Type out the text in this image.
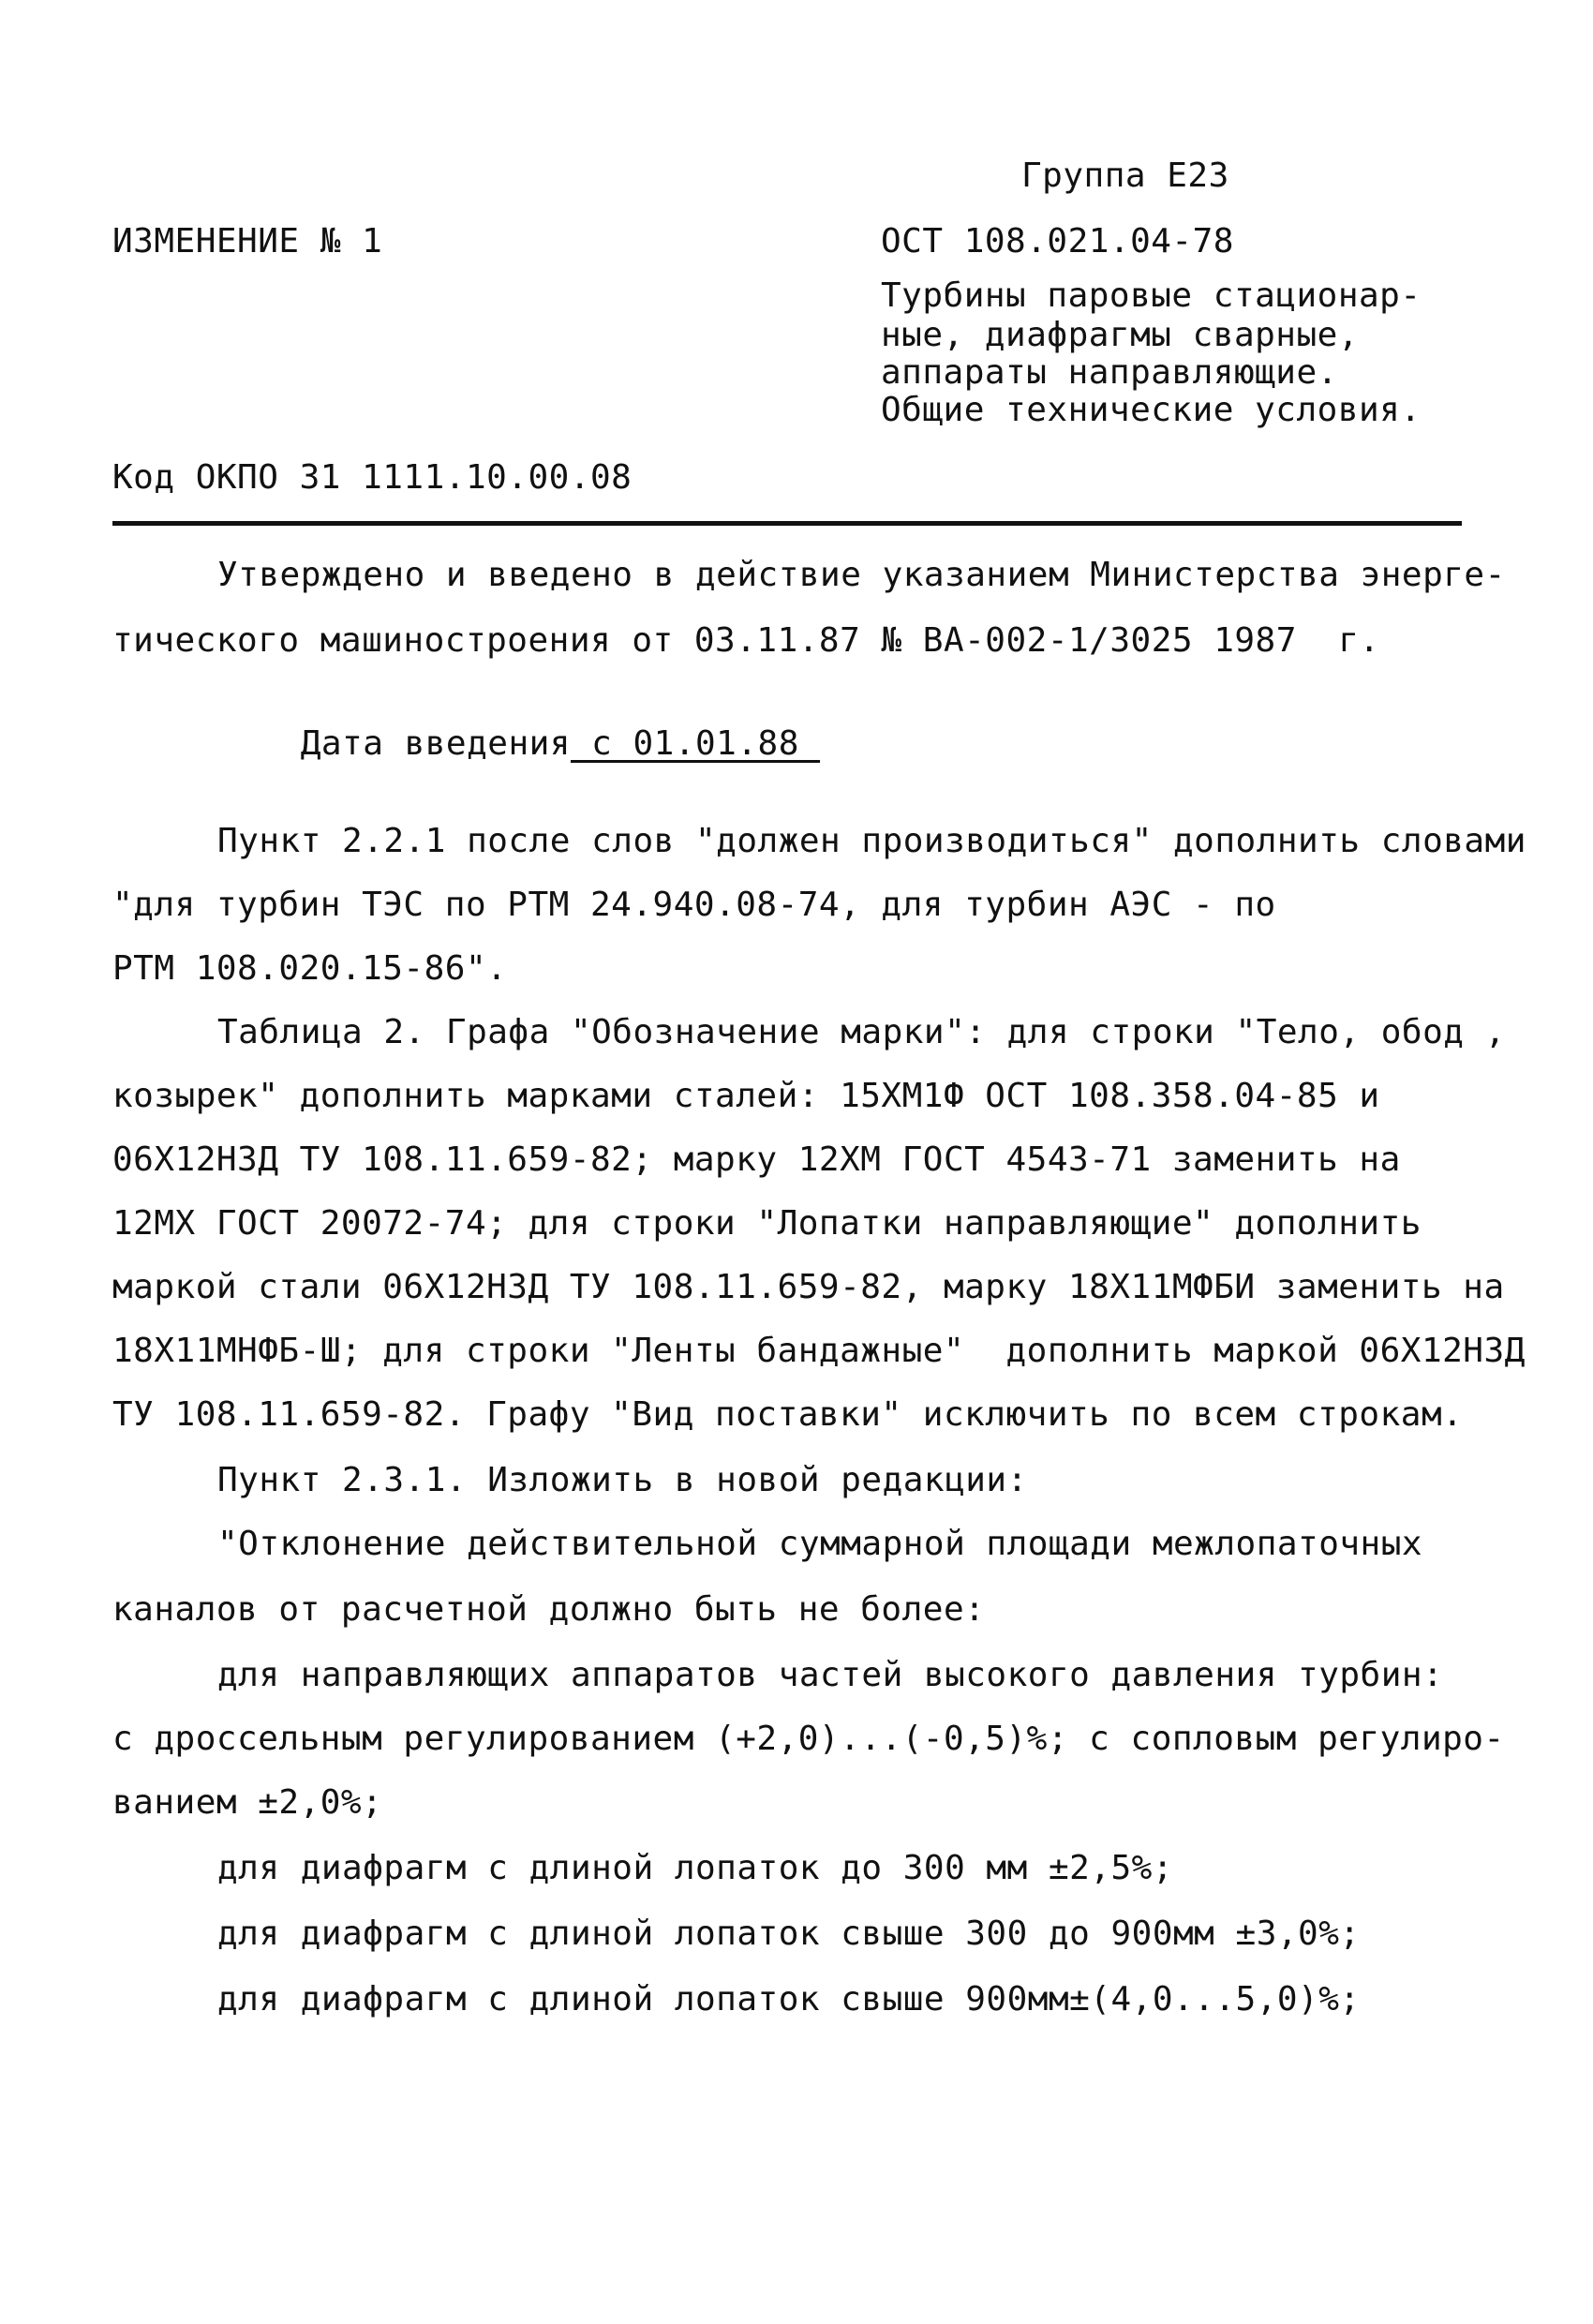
Группа Е23
ИЗМЕНЕНИЕ № 1	ОСТ 108.021.04-78
Турбины паровые стационар-
ные, диафрагмы сварные,
аппараты направляющие.
Общие технические условия.
Код ОКПО 31 1111.10.00.08
Утверждено и введено в действие указанием Министерства энерге-
тического машиностроения от 03.11.87 № ВА-002-1/3025 1987  г.

Дата введения с 01.01.88

Пункт 2.2.1 после слов "должен производиться" дополнить словами
"для турбин ТЭС по РТМ 24.940.08-74, для турбин АЭС - по
РТМ 108.020.15-86".
Таблица 2. Графа "Обозначение марки": для строки "Тело, обод ,
козырек" дополнить марками сталей: 15ХМ1Ф ОСТ 108.358.04-85 и
06Х12Н3Д ТУ 108.11.659-82; марку 12ХМ ГОСТ 4543-71 заменить на
12МХ ГОСТ 20072-74; для строки "Лопатки направляющие" дополнить
маркой стали 06Х12Н3Д ТУ 108.11.659-82, марку 18Х11МФБИ заменить на
18Х11МНФБ-Ш; для строки "Ленты бандажные"  дополнить маркой 06Х12Н3Д
ТУ 108.11.659-82. Графу "Вид поставки" исключить по всем строкам.
Пункт 2.3.1. Изложить в новой редакции:
"Отклонение действительной суммарной площади межлопаточных
каналов от расчетной должно быть не более:
для направляющих аппаратов частей высокого давления турбин:
с дроссельным регулированием (+2,0)...(-0,5)%; с сопловым регулиро-
ванием ±2,0%;
для диафрагм с длиной лопаток до 300 мм ±2,5%;
для диафрагм с длиной лопаток свыше 300 до 900мм ±3,0%;
для диафрагм с длиной лопаток свыше 900мм±(4,0...5,0)%;
